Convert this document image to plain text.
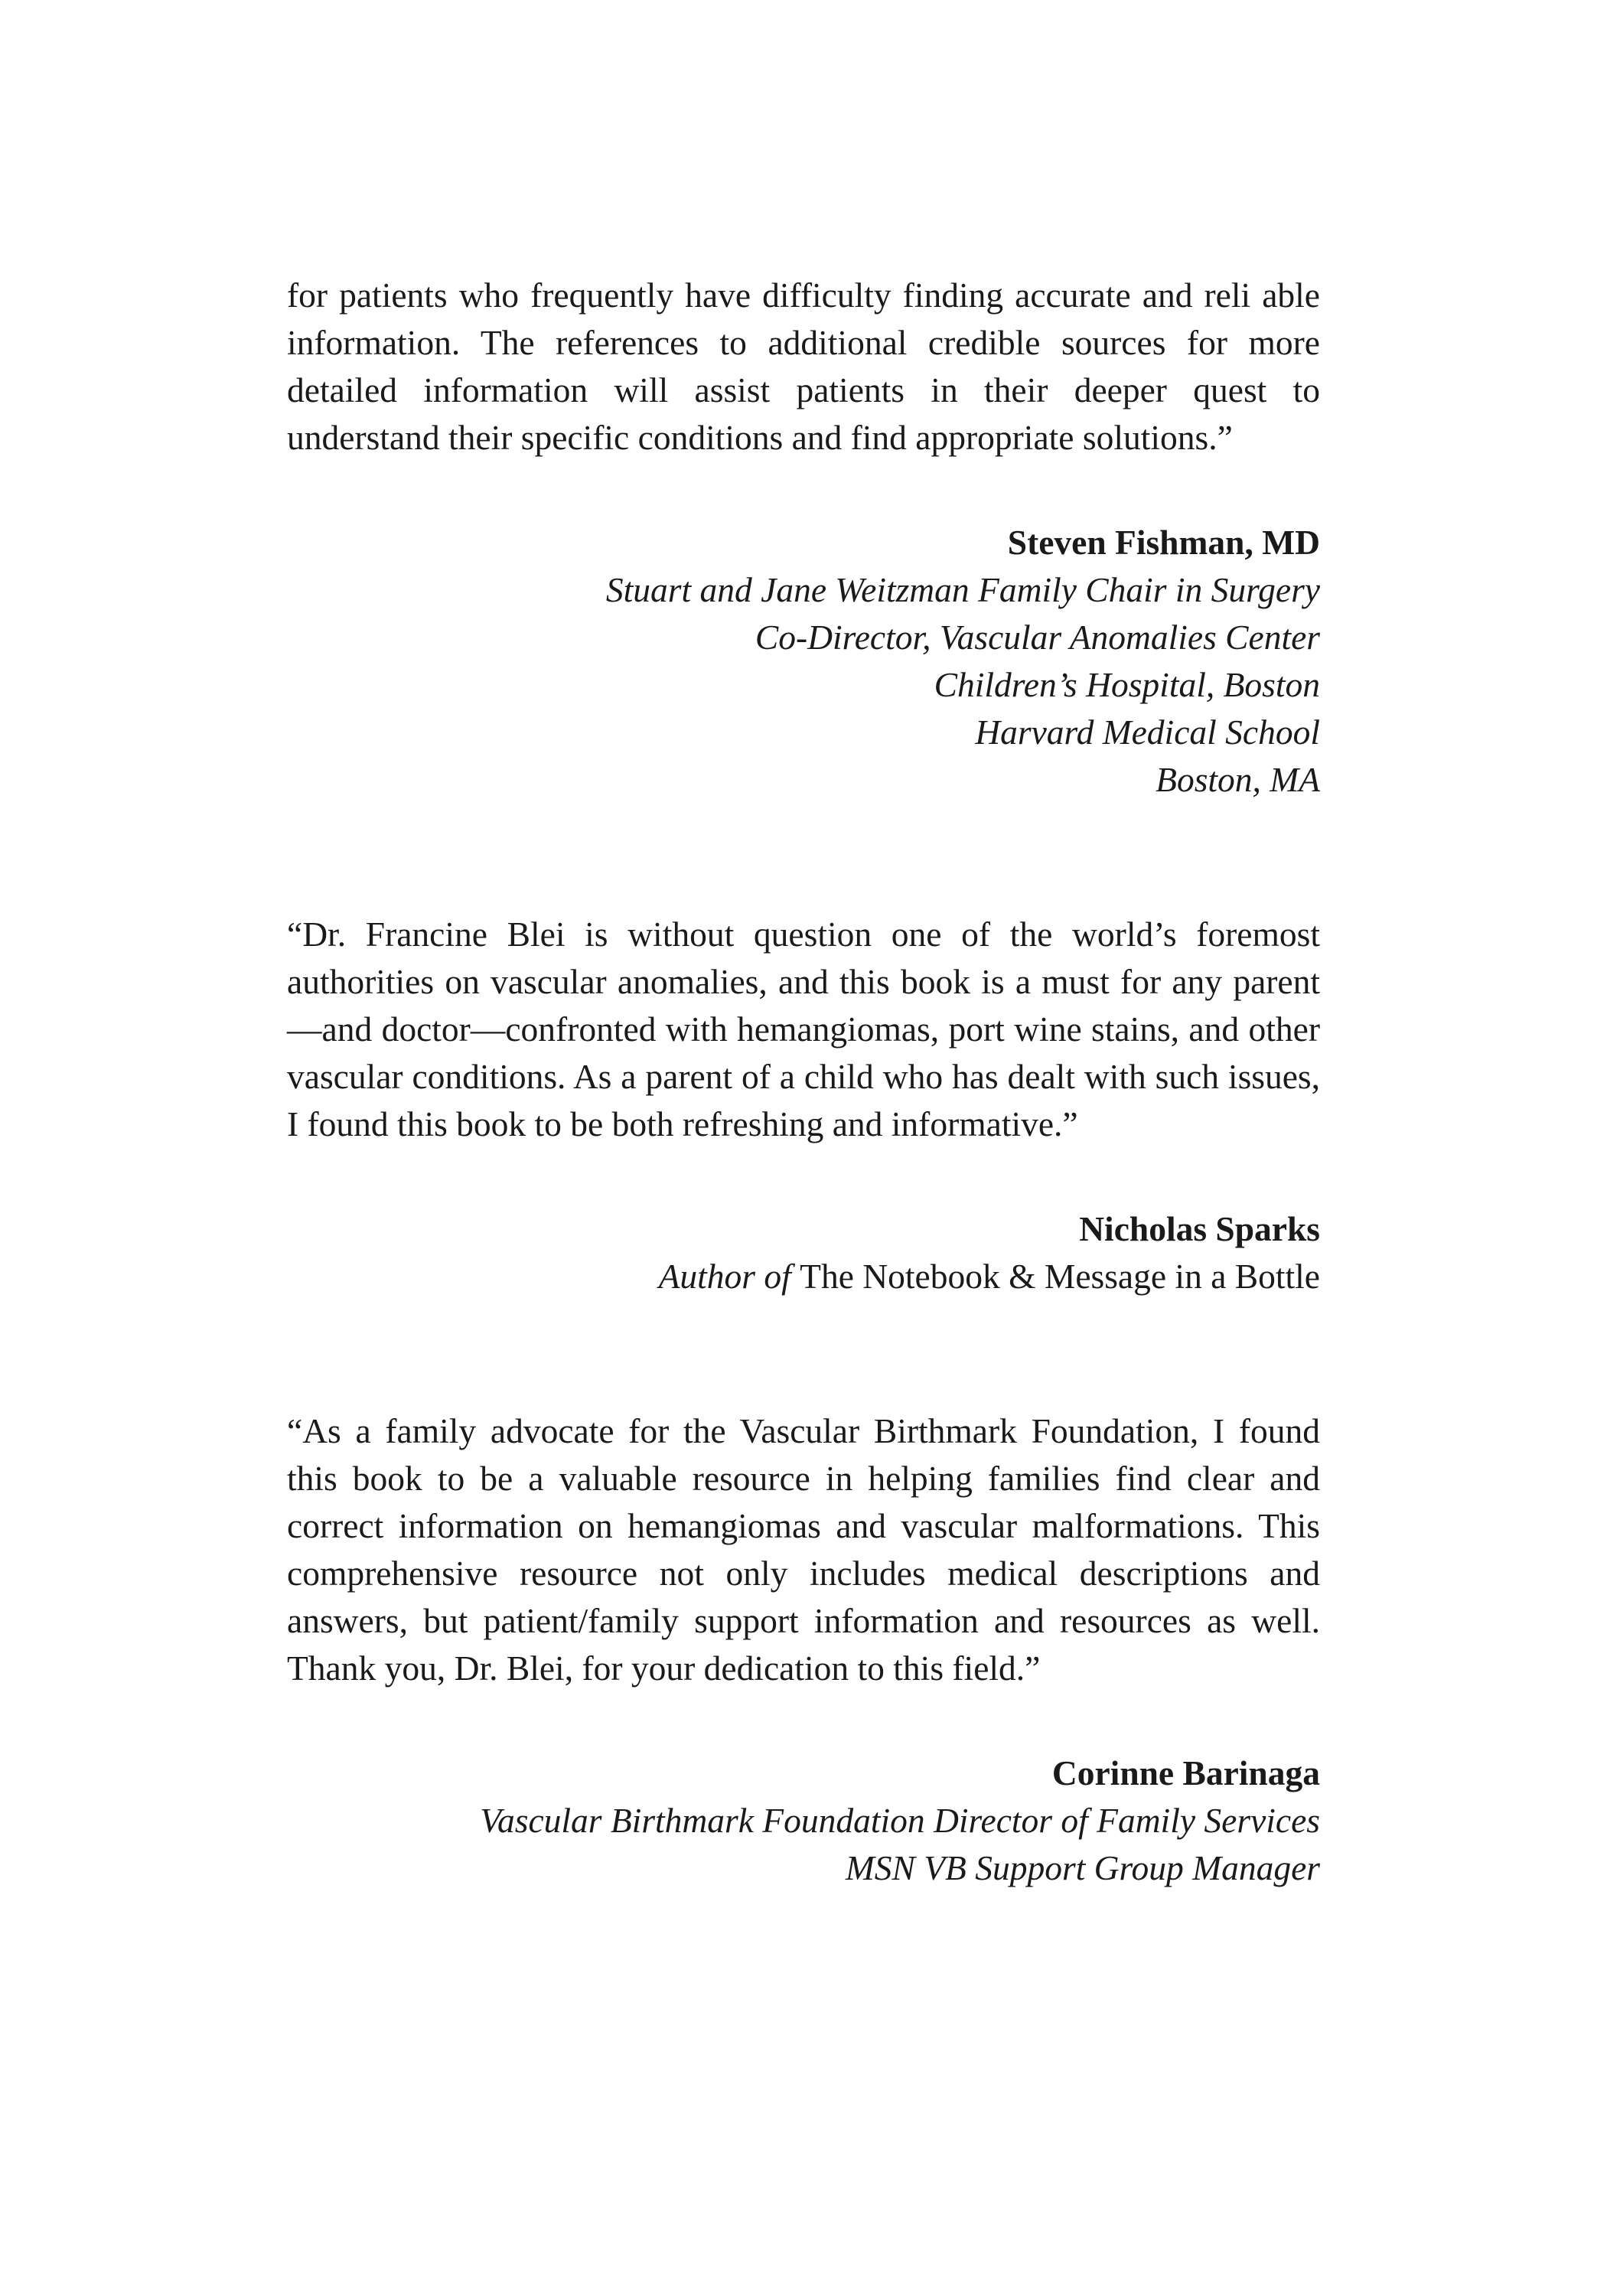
for patients who frequently have difficulty finding accurate and reli able information. The references to additional credible sources for more detailed information will assist patients in their deeper quest to understand their specific conditions and find appropriate solutions.”
Steven Fishman, MD
Stuart and Jane Weitzman Family Chair in Surgery
Co-Director, Vascular Anomalies Center
Children’s Hospital, Boston
Harvard Medical School
Boston, MA
“Dr. Francine Blei is without question one of the world’s foremost authorities on vascular anomalies, and this book is a must for any parent—and doctor—confronted with hemangiomas, port wine stains, and other vascular conditions. As a parent of a child who has dealt with such issues, I found this book to be both refreshing and informative.”
Nicholas Sparks
Author of The Notebook & Message in a Bottle
“As a family advocate for the Vascular Birthmark Foundation, I found this book to be a valuable resource in helping families find clear and correct information on hemangiomas and vascular malformations. This comprehensive resource not only includes medical descriptions and answers, but patient/family support information and resources as well. Thank you, Dr. Blei, for your dedication to this field.”
Corinne Barinaga
Vascular Birthmark Foundation Director of Family Services
MSN VB Support Group Manager
